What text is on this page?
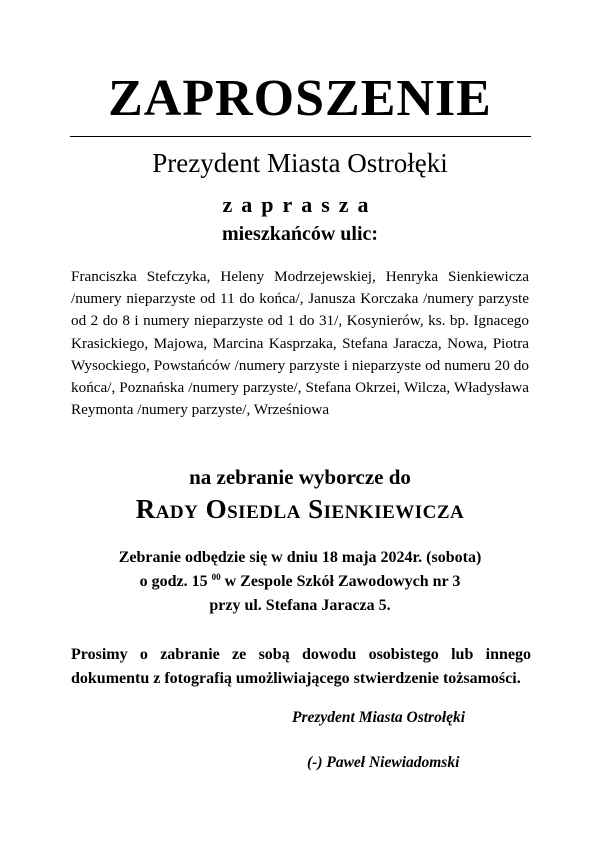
ZAPROSZENIE
Prezydent Miasta Ostrołęki
zaprasza
mieszkańców ulic:
Franciszka Stefczyka, Heleny Modrzejewskiej, Henryka Sienkiewicza /numery nieparzyste od 11 do końca/, Janusza Korczaka /numery parzyste od 2 do 8 i numery nieparzyste od 1 do 31/, Kosynierów, ks. bp. Ignacego Krasickiego, Majowa, Marcina Kasprzaka, Stefana Jaracza, Nowa, Piotra Wysockiego, Powstańców /numery parzyste i nieparzyste od numeru 20 do końca/, Poznańska /numery parzyste/, Stefana Okrzei, Wilcza, Władysława Reymonta /numery parzyste/, Wrześniowa
na zebranie wyborcze do
Rady Osiedla Sienkiewicza
Zebranie odbędzie się w dniu 18 maja 2024r. (sobota)
o godz. 15 $^{00}$ w Zespole Szkół Zawodowych nr 3
przy ul. Stefana Jaracza 5.
Prosimy o zabranie ze sobą dowodu osobistego lub innego dokumentu z fotografią umożliwiającego stwierdzenie tożsamości.
Prezydent Miasta Ostrołęki
(-) Paweł Niewiadomski
